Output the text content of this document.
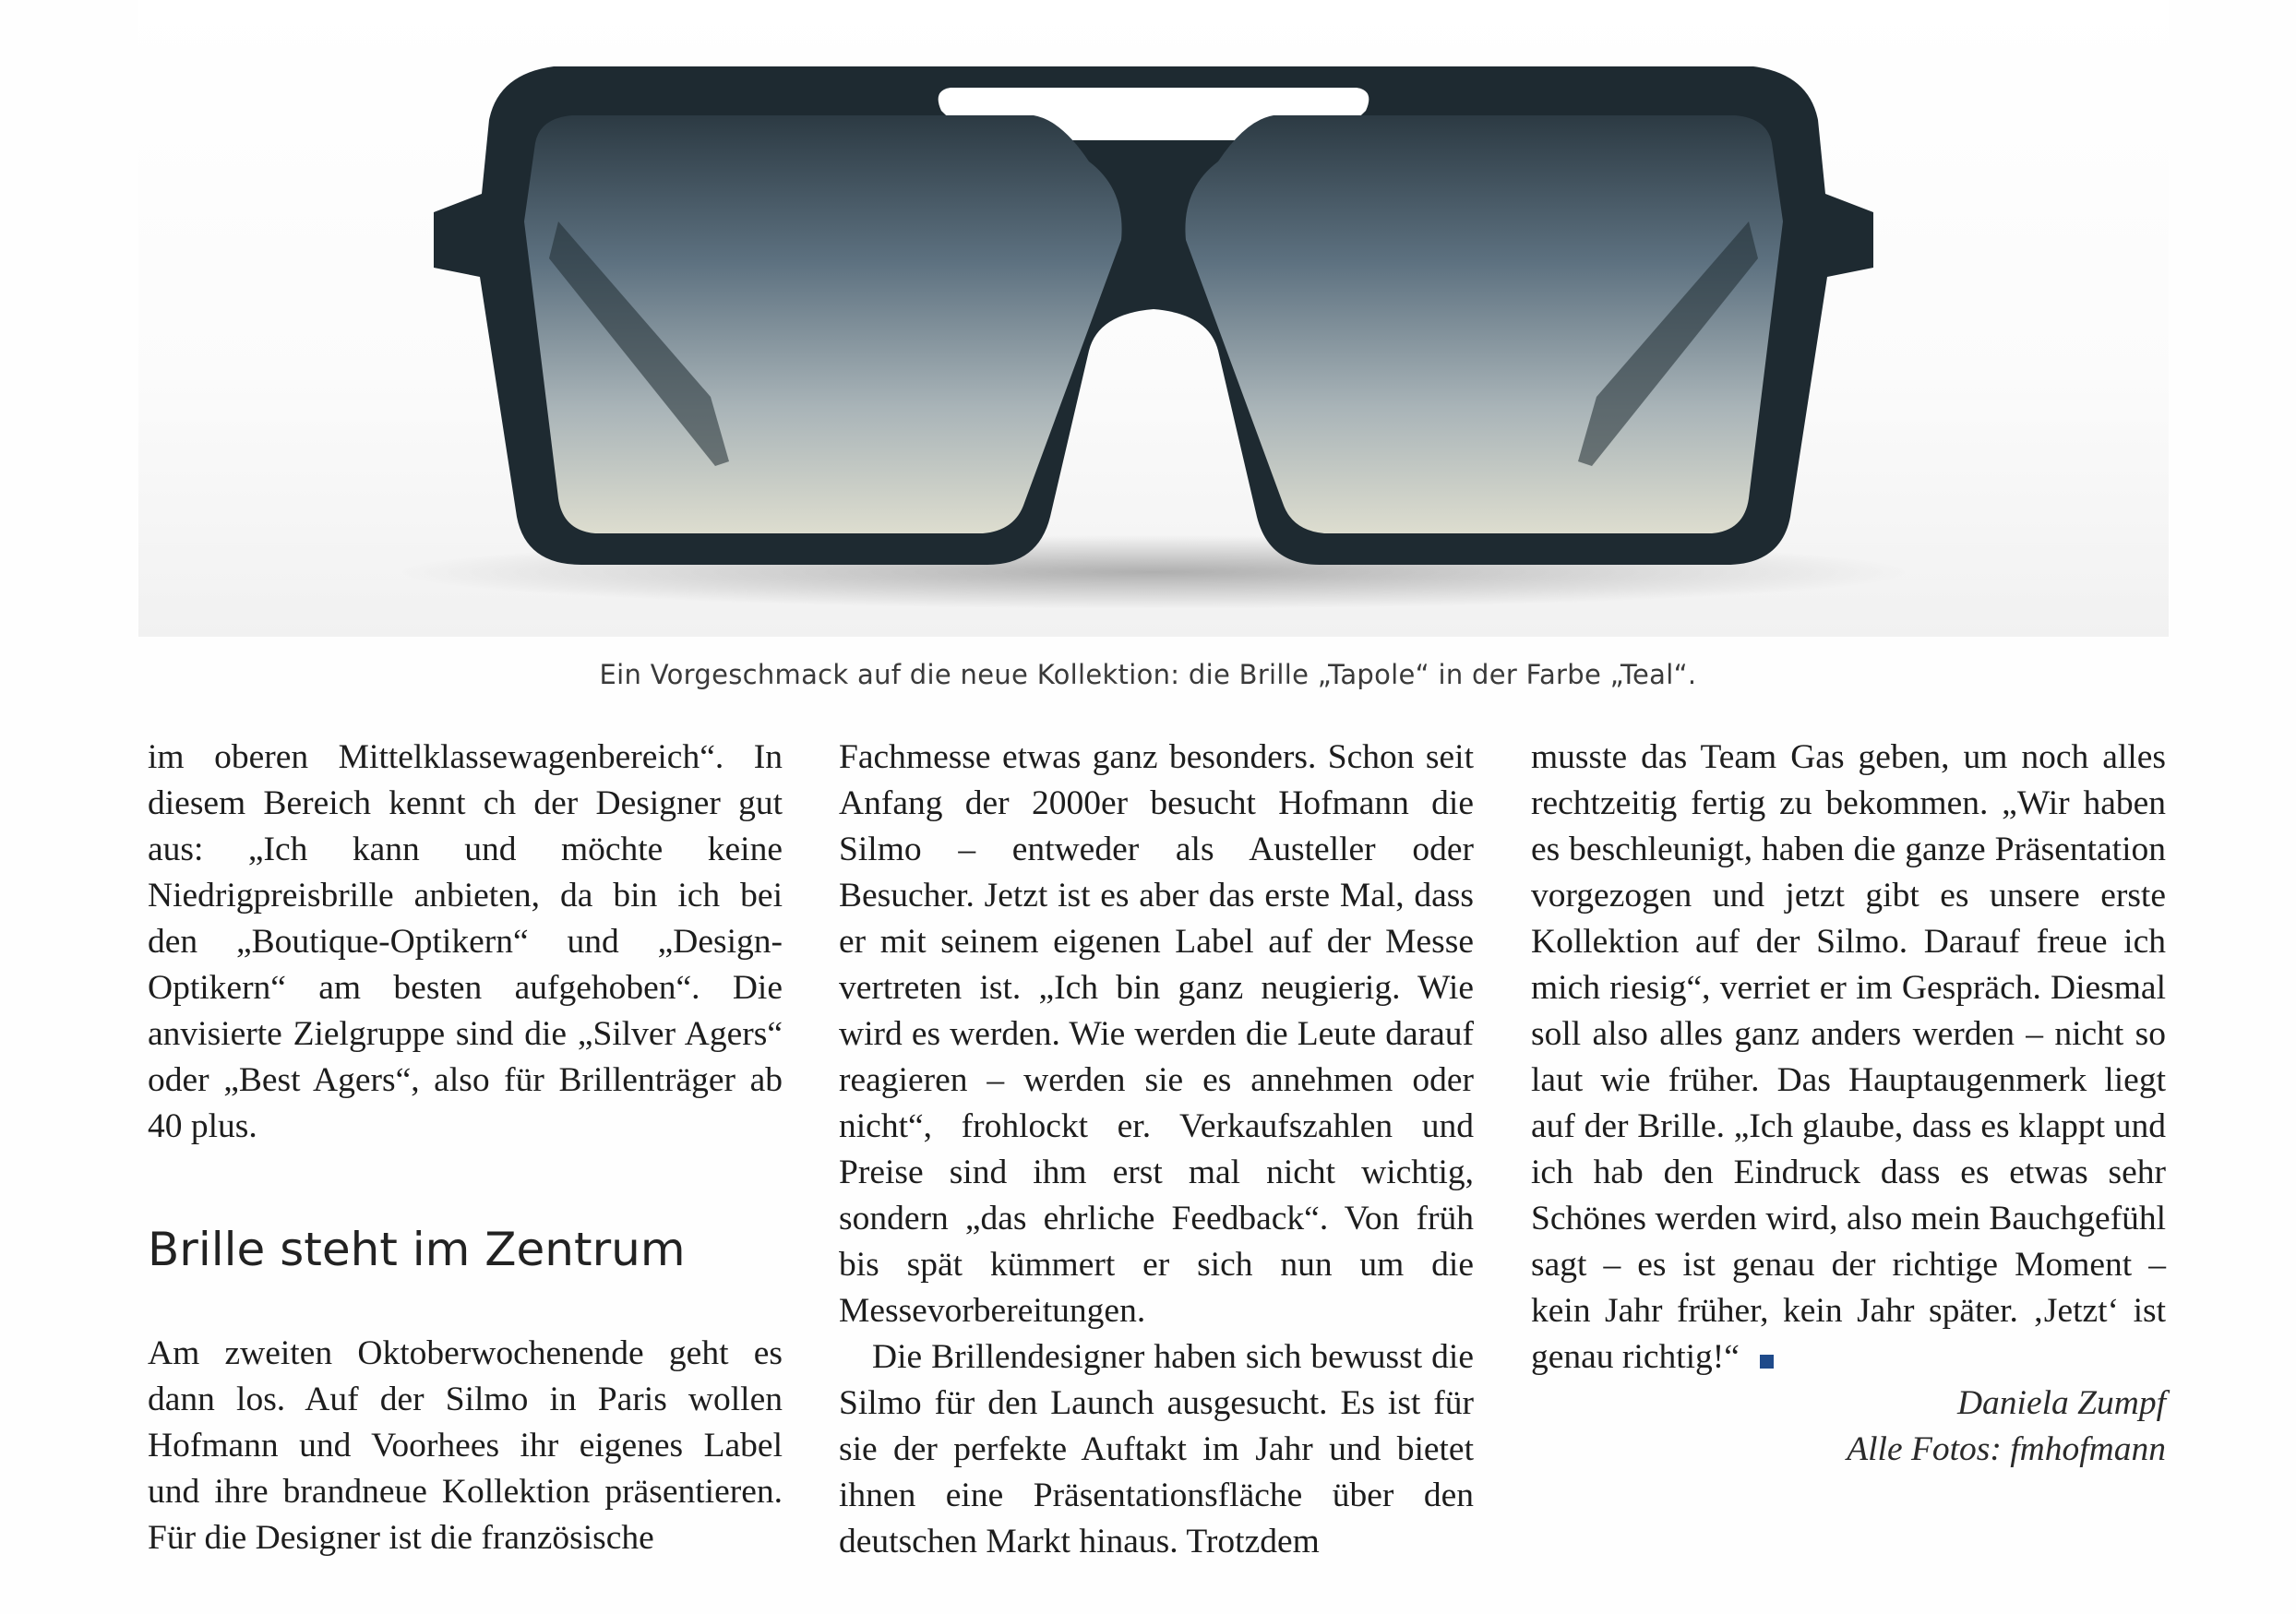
Ein Vorgeschmack auf die neue Kollektion: die Brille „Tapole“ in der Farbe „Teal“.

im oberen Mittelklassewagenbereich“. In diesem Bereich kennt ch der Designer gut aus: „Ich kann und möchte keine Niedrigpreisbrille anbieten, da bin ich bei den „Boutique-Optikern“ und „Design-Optikern“ am besten aufgehoben“. Die anvisierte Zielgruppe sind die „Silver Agers“ oder „Best Agers“, also für Brillenträger ab 40 plus.

Brille steht im Zentrum

Am zweiten Oktoberwochenende geht es dann los. Auf der Silmo in Paris wollen Hofmann und Voorhees ihr eigenes Label und ihre brandneue Kollektion präsentieren. Für die Designer ist die französische

Fachmesse etwas ganz besonders. Schon seit Anfang der 2000er besucht Hofmann die Silmo – entweder als Austeller oder Besucher. Jetzt ist es aber das erste Mal, dass er mit seinem eigenen Label auf der Messe vertreten ist. „Ich bin ganz neugierig. Wie wird es werden. Wie werden die Leute darauf reagieren – werden sie es annehmen oder nicht“, frohlockt er. Verkaufszahlen und Preise sind ihm erst mal nicht wichtig, sondern „das ehrliche Feedback“. Von früh bis spät kümmert er sich nun um die Messevorbereitungen.

Die Brillendesigner haben sich bewusst die Silmo für den Launch ausgesucht. Es ist für sie der perfekte Auftakt im Jahr und bietet ihnen eine Präsentationsfläche über den deutschen Markt hinaus. Trotzdem

musste das Team Gas geben, um noch alles rechtzeitig fertig zu bekommen. „Wir haben es beschleunigt, haben die ganze Präsentation vorgezogen und jetzt gibt es unsere erste Kollektion auf der Silmo. Darauf freue ich mich riesig“, verriet er im Gespräch. Diesmal soll also alles ganz anders werden – nicht so laut wie früher. Das Hauptaugenmerk liegt auf der Brille. „Ich glaube, dass es klappt und ich hab den Eindruck dass es etwas sehr Schönes werden wird, also mein Bauchgefühl sagt – es ist genau der richtige Moment – kein Jahr früher, kein Jahr später. ‚Jetzt‘ ist genau richtig!“

Daniela Zumpf
Alle Fotos: fmhofmann
